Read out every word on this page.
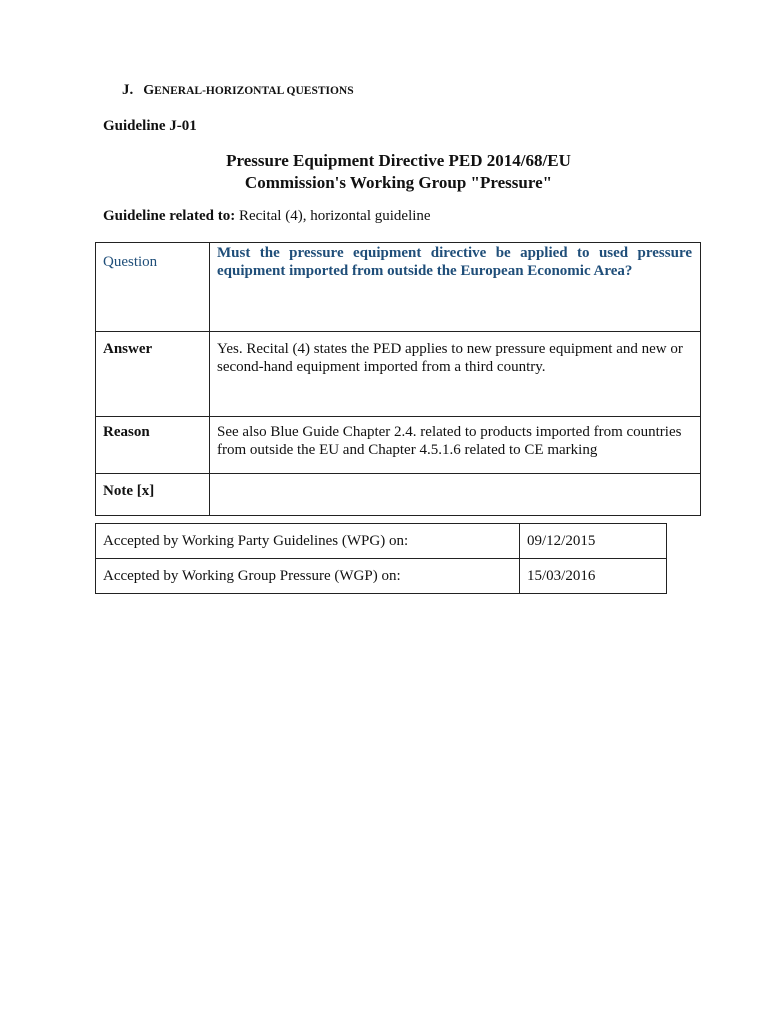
J. GENERAL-HORIZONTAL QUESTIONS
Guideline J-01
Pressure Equipment Directive PED 2014/68/EU
Commission's Working Group "Pressure"
Guideline related to: Recital (4), horizontal guideline
Question	Must the pressure equipment directive be applied to used pressure equipment imported from outside the European Economic Area?
Answer	Yes. Recital (4) states the PED applies to new pressure equipment and new or second-hand equipment imported from a third country.
Reason	See also Blue Guide Chapter 2.4. related to products imported from countries from outside the EU and Chapter 4.5.1.6 related to CE marking
Note [x]	
Accepted by Working Party Guidelines (WPG) on:	09/12/2015
Accepted by Working Group Pressure (WGP) on:	15/03/2016
